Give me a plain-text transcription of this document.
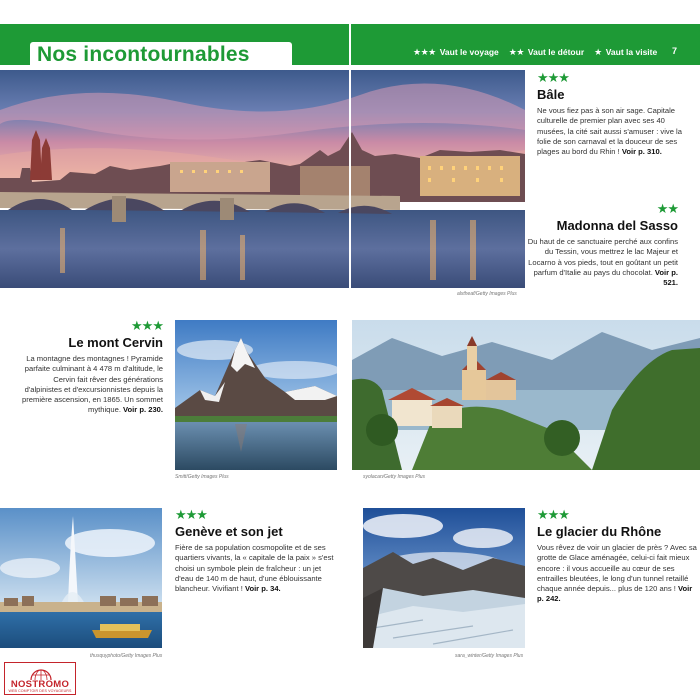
Nos incontournables	★★★ Vaut le voyage ★★ Vaut le détour ★ Vaut la visite 7
alxtheaf/Getty Images Plus
★★★
Bâle

Ne vous fiez pas à son air sage. Capitale culturelle de premier plan avec ses 40 musées, la cité sait aussi s'amuser : vive la folie de son carnaval et la douceur de ses plages au bord du Rhin ! Voir p. 310.

★★
Madonna del Sasso

Du haut de ce sanctuaire perché aux confins du Tessin, vous mettrez le lac Majeur et Locarno à vos pieds, tout en goûtant un petit parfum d'Italie au pays du chocolat. Voir p. 521.

★★★
Le mont Cervin

La montagne des montagnes ! Pyramide parfaite culminant à 4 478 m d'altitude, le Cervin fait rêver des générations d'alpinistes et d'excursionnistes depuis la première ascension, en 1865. Un sommet mythique. Voir p. 230.

Smitt/Getty Images Plus	syolacan/Getty Images Plus
thusquyphoto/Getty Images Plus
★★★
Genève et son jet

Fière de sa population cosmopolite et de ses quartiers vivants, la « capitale de la paix » s'est choisi un symbole plein de fraîcheur : un jet d'eau de 140 m de haut, d'une éblouissante blancheur. Vivifiant ! Voir p. 34.

sara_winter/Getty Images Plus
★★★
Le glacier du Rhône

Vous rêvez de voir un glacier de près ? Avec sa grotte de Glace aménagée, celui-ci fait mieux encore : il vous accueille au cœur de ses entrailles bleutées, le long d'un tunnel retaillé chaque année depuis... plus de 120 ans ! Voir p. 242.

NOSTROMO
WEB COMPTOIR DES VOYAGEURS
